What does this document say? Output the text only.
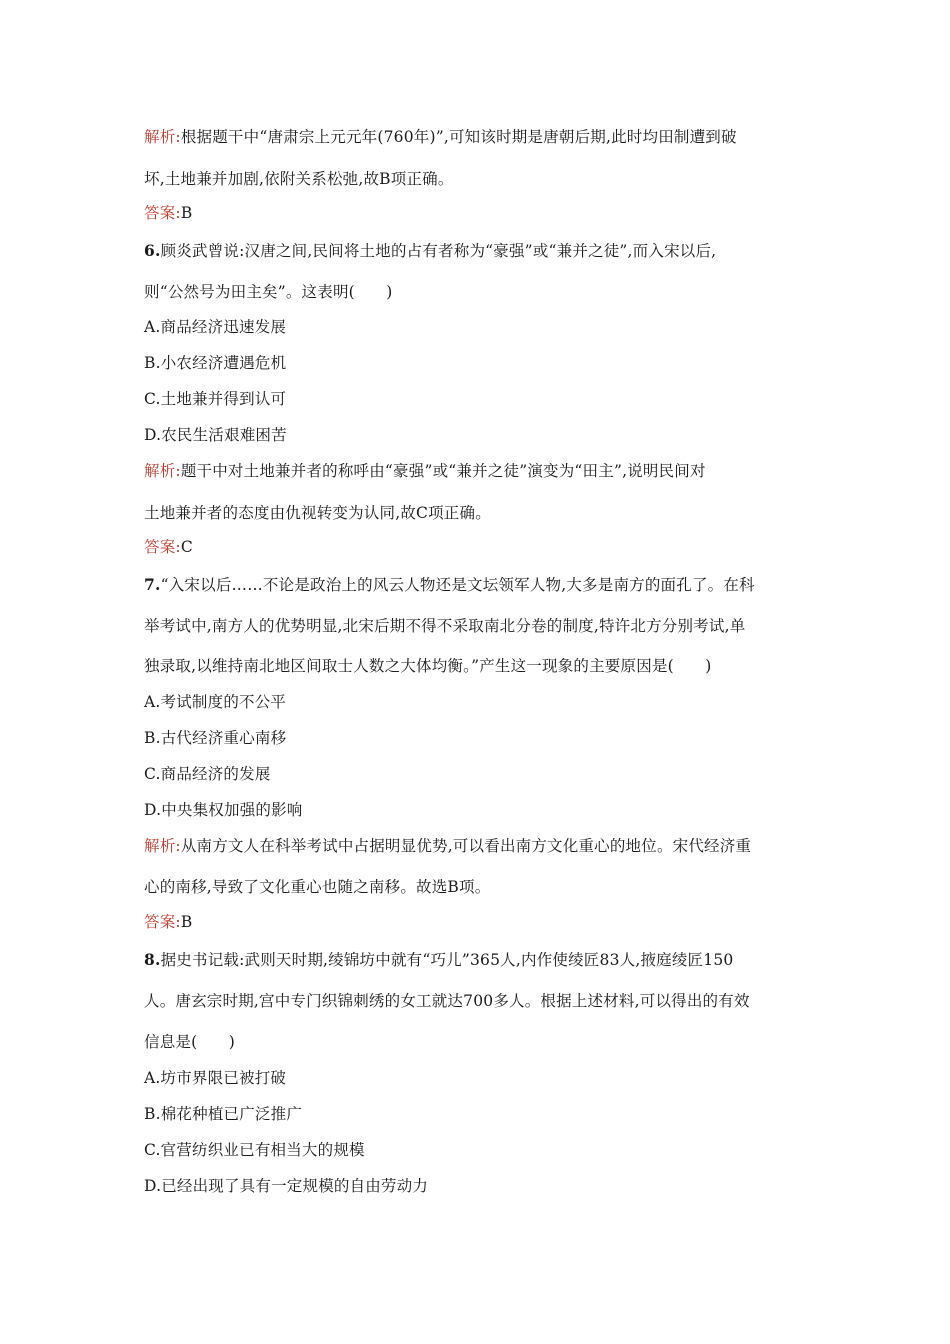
解析:根据题干中“唐肃宗上元元年(760年)”,可知该时期是唐朝后期,此时均田制遭到破
坏,土地兼并加剧,依附关系松弛,故B项正确。
答案:B
6.顾炎武曾说:汉唐之间,民间将土地的占有者称为“豪强”或“兼并之徒”,而入宋以后,
则“公然号为田主矣”。这表明(　　)
A.商品经济迅速发展
B.小农经济遭遇危机
C.土地兼并得到认可
D.农民生活艰难困苦
解析:题干中对土地兼并者的称呼由“豪强”或“兼并之徒”演变为“田主”,说明民间对
土地兼并者的态度由仇视转变为认同,故C项正确。
答案:C
7.“入宋以后……不论是政治上的风云人物还是文坛领军人物,大多是南方的面孔了。在科
举考试中,南方人的优势明显,北宋后期不得不采取南北分卷的制度,特许北方分别考试,单
独录取,以维持南北地区间取士人数之大体均衡。”产生这一现象的主要原因是(　　)
A.考试制度的不公平
B.古代经济重心南移
C.商品经济的发展
D.中央集权加强的影响
解析:从南方文人在科举考试中占据明显优势,可以看出南方文化重心的地位。宋代经济重
心的南移,导致了文化重心也随之南移。故选B项。
答案:B
8.据史书记载:武则天时期,绫锦坊中就有“巧儿”365人,内作使绫匠83人,掖庭绫匠150
人。唐玄宗时期,宫中专门织锦刺绣的女工就达700多人。根据上述材料,可以得出的有效
信息是(　　)
A.坊市界限已被打破
B.棉花种植已广泛推广
C.官营纺织业已有相当大的规模
D.已经出现了具有一定规模的自由劳动力
